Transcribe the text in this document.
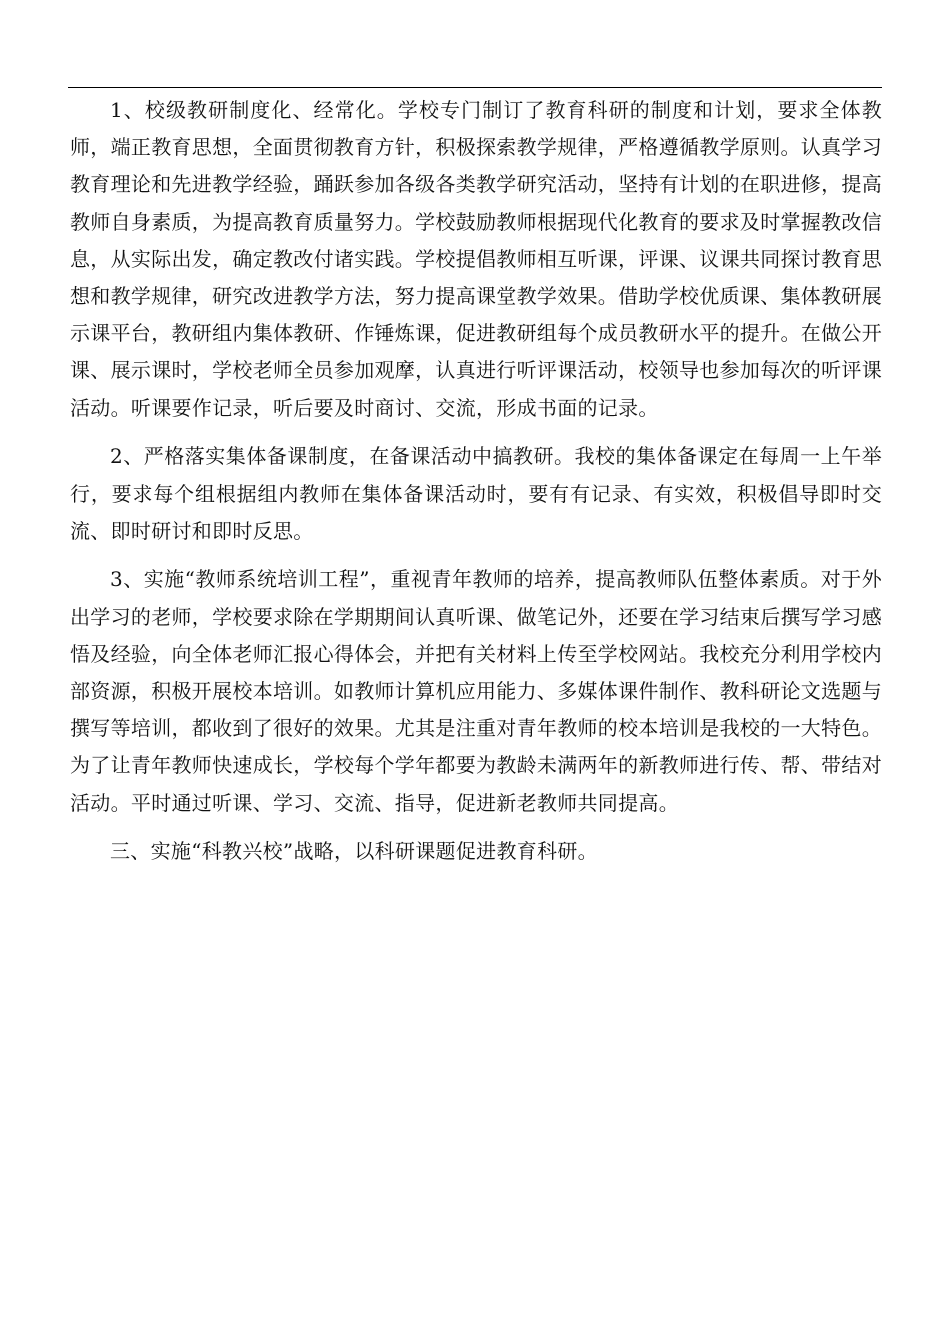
1、校级教研制度化、经常化。学校专门制订了教育科研的制度和计划，要求全体教师，端正教育思想，全面贯彻教育方针，积极探索教学规律，严格遵循教学原则。认真学习教育理论和先进教学经验，踊跃参加各级各类教学研究活动，坚持有计划的在职进修，提高教师自身素质，为提高教育质量努力。学校鼓励教师根据现代化教育的要求及时掌握教改信息，从实际出发，确定教改付诸实践。学校提倡教师相互听课，评课、议课共同探讨教育思想和教学规律，研究改进教学方法，努力提高课堂教学效果。借助学校优质课、集体教研展示课平台，教研组内集体教研、作锤炼课，促进教研组每个成员教研水平的提升。在做公开课、展示课时，学校老师全员参加观摩，认真进行听评课活动，校领导也参加每次的听评课活动。听课要作记录，听后要及时商讨、交流，形成书面的记录。

2、严格落实集体备课制度，在备课活动中搞教研。我校的集体备课定在每周一上午举行，要求每个组根据组内教师在集体备课活动时，要有有记录、有实效，积极倡导即时交流、即时研讨和即时反思。

3、实施“教师系统培训工程”，重视青年教师的培养，提高教师队伍整体素质。对于外出学习的老师，学校要求除在学期期间认真听课、做笔记外，还要在学习结束后撰写学习感悟及经验，向全体老师汇报心得体会，并把有关材料上传至学校网站。我校充分利用学校内部资源，积极开展校本培训。如教师计算机应用能力、多媒体课件制作、教科研论文选题与撰写等培训，都收到了很好的效果。尤其是注重对青年教师的校本培训是我校的一大特色。为了让青年教师快速成长，学校每个学年都要为教龄未满两年的新教师进行传、帮、带结对活动。平时通过听课、学习、交流、指导，促进新老教师共同提高。

三、实施“科教兴校”战略，以科研课题促进教育科研。
